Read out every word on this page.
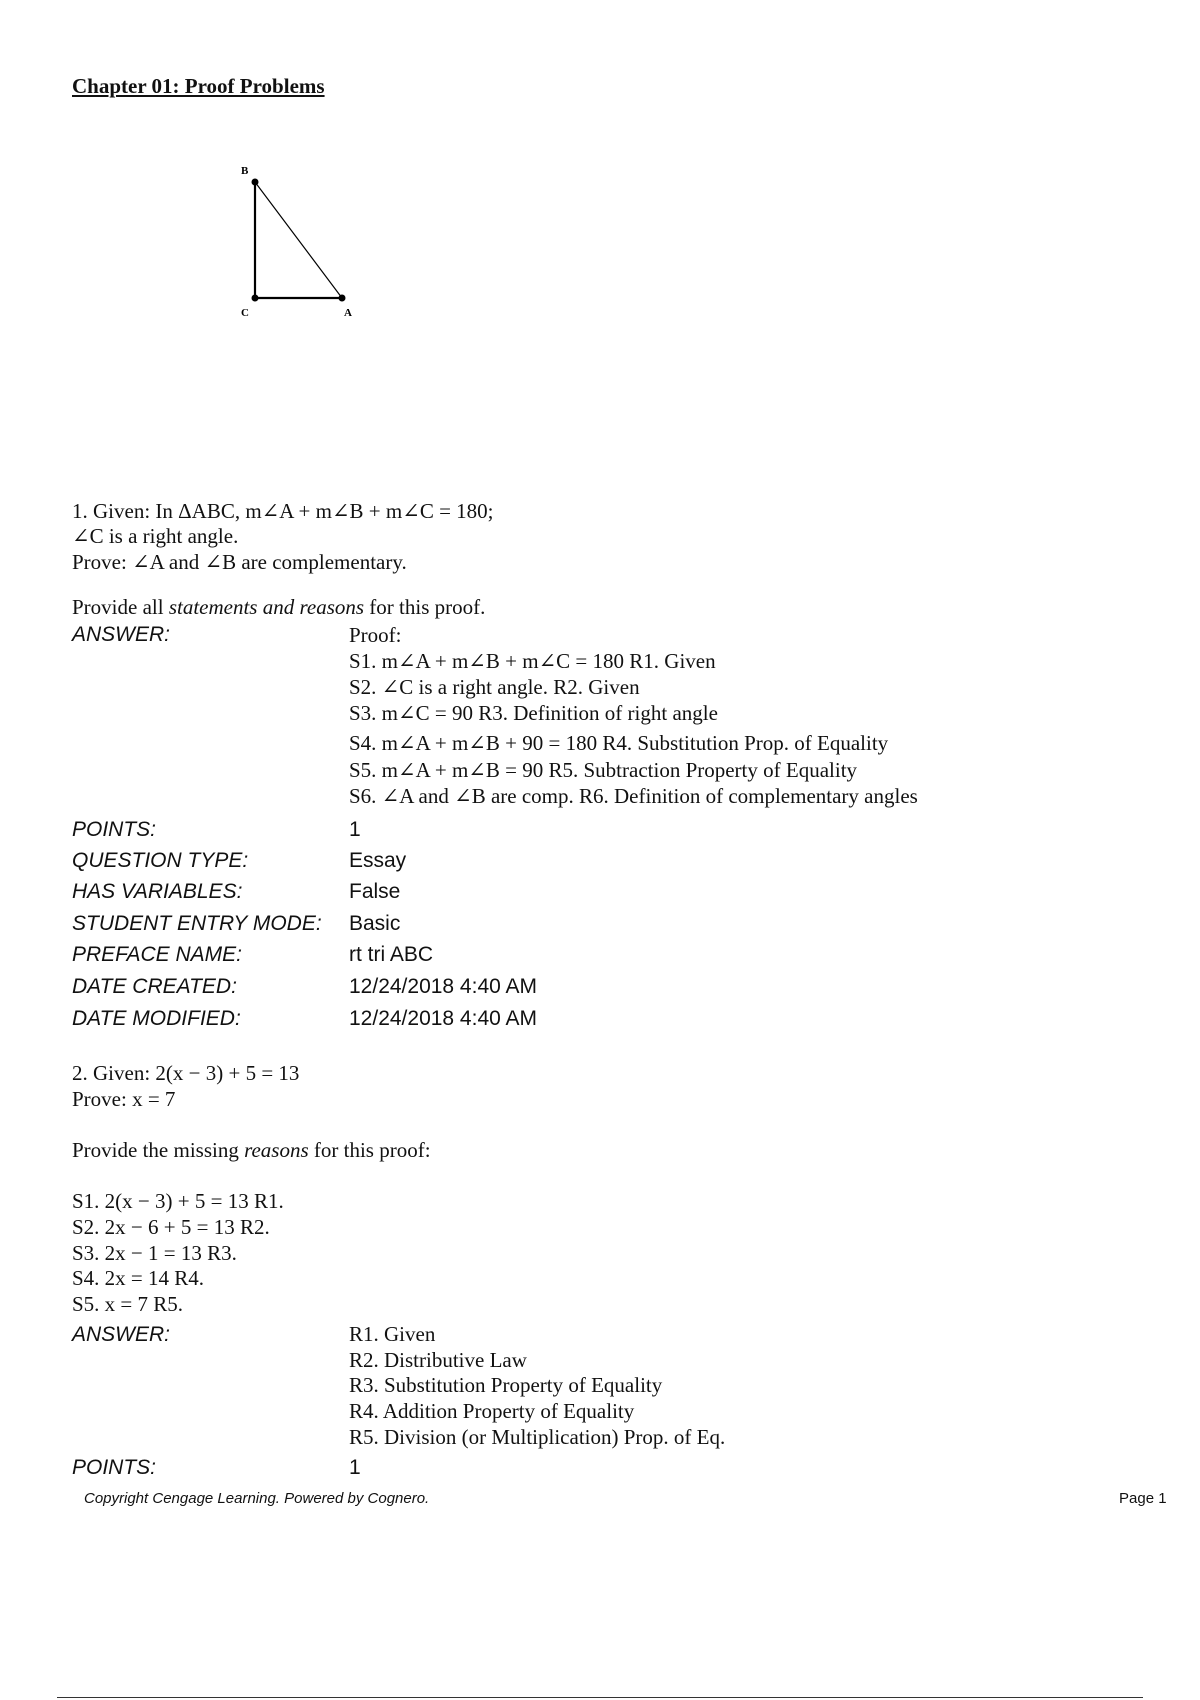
Chapter 01: Proof Problems
B
C	A
1. Given: In ΔABC, m∠A + m∠B + m∠C = 180;
∠C is a right angle.
Prove: ∠A and ∠B are complementary.
Provide all statements and reasons for this proof.
ANSWER:	Proof:
S1. m∠A + m∠B + m∠C = 180 R1. Given
S2. ∠C is a right angle. R2. Given
S3. m∠C = 90 R3. Definition of right angle
S4. m∠A + m∠B + 90 = 180 R4. Substitution Prop. of Equality
S5. m∠A + m∠B = 90 R5. Subtraction Property of Equality
S6. ∠A and ∠B are comp. R6. Definition of complementary angles
POINTS:	1
QUESTION TYPE:	Essay
HAS VARIABLES:	False
STUDENT ENTRY MODE: Basic
PREFACE NAME:	rt tri ABC
DATE CREATED:	12/24/2018 4:40 AM
DATE MODIFIED:	12/24/2018 4:40 AM
2. Given: 2(x − 3) + 5 = 13
Prove: x = 7
Provide the missing reasons for this proof:
S1. 2(x − 3) + 5 = 13 R1.
S2. 2x − 6 + 5 = 13 R2.
S3. 2x − 1 = 13 R3.
S4. 2x = 14 R4.
S5. x = 7 R5.
ANSWER:	R1. Given
R2. Distributive Law
R3. Substitution Property of Equality
R4. Addition Property of Equality
R5. Division (or Multiplication) Prop. of Eq.
POINTS:	1
Copyright Cengage Learning. Powered by Cognero.	Page 1
